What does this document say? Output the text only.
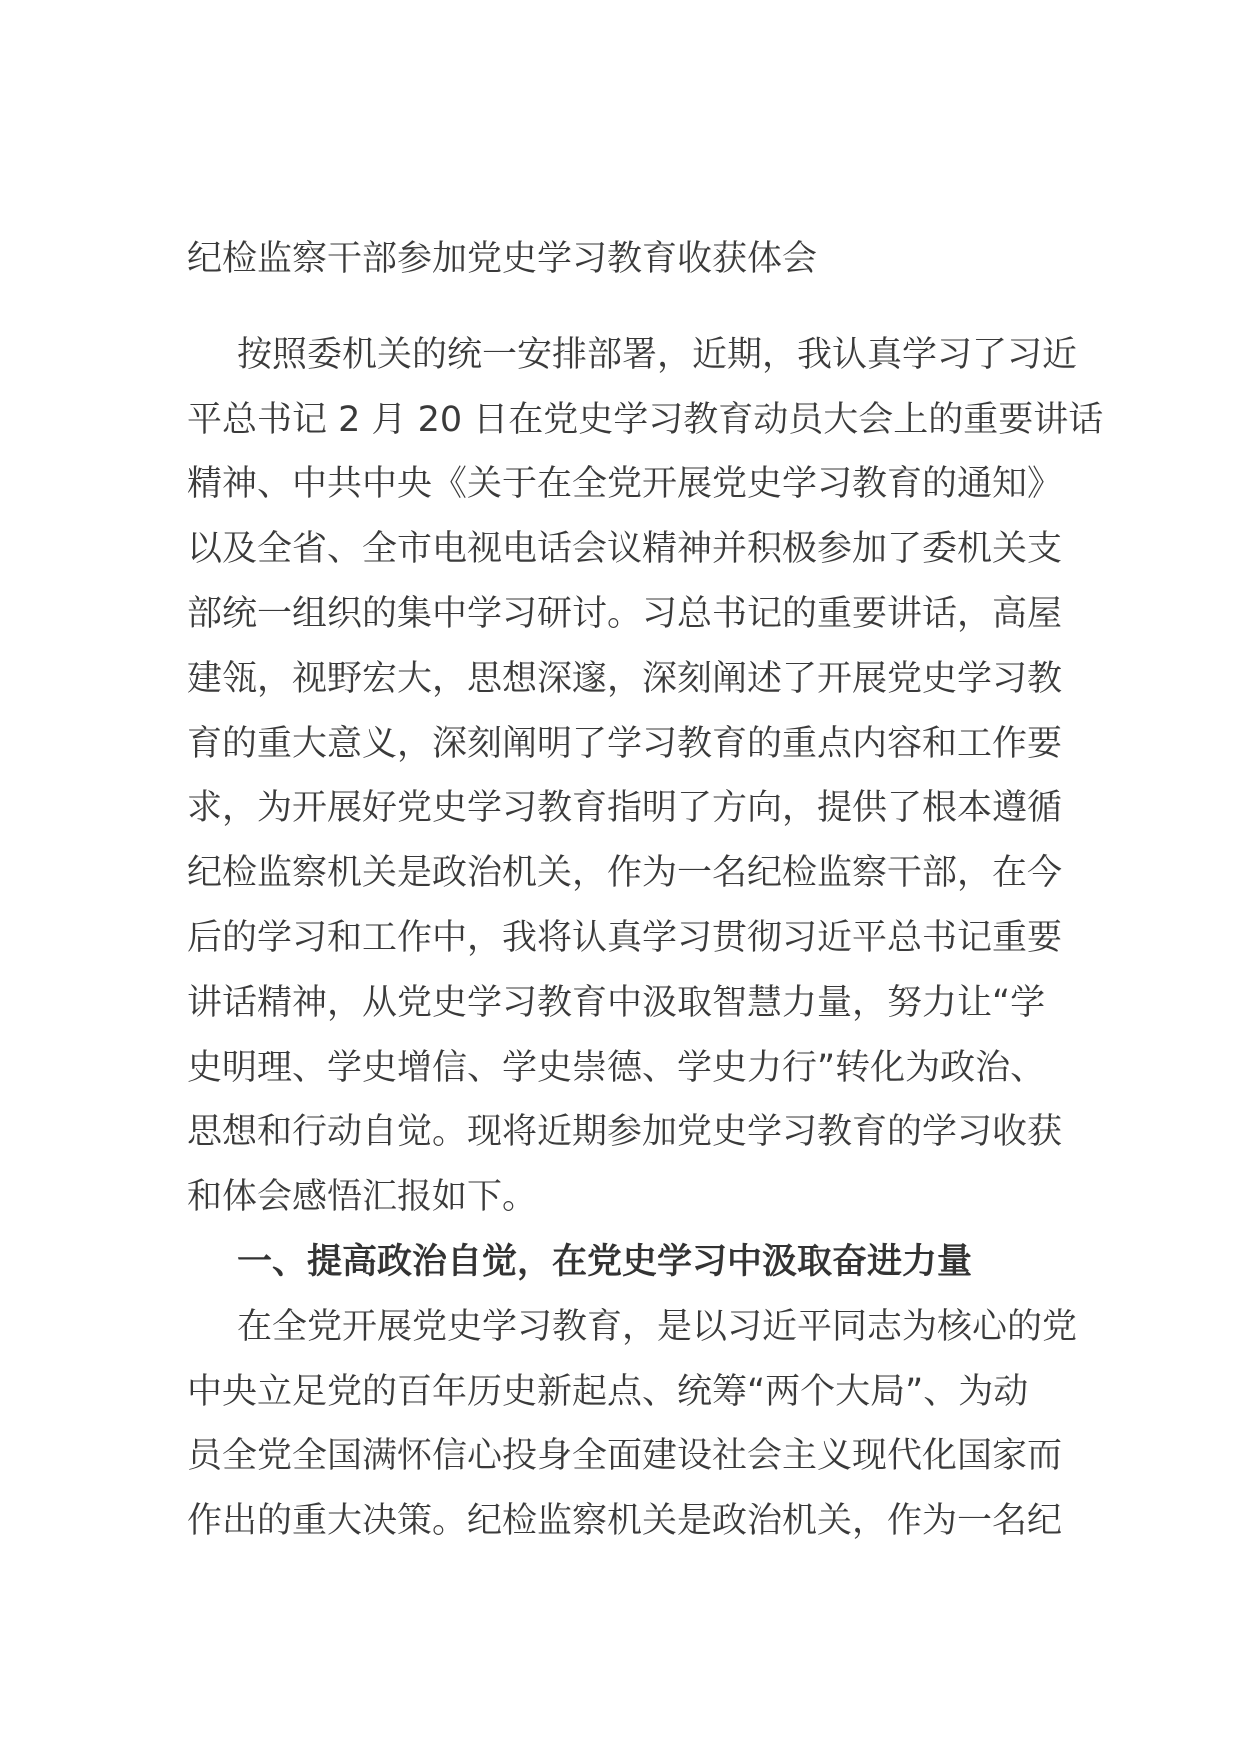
纪检监察干部参加党史学习教育收获体会
按照委机关的统一安排部署，近期，我认真学习了习近
平总书记 2 月 20 日在党史学习教育动员大会上的重要讲话
精神、中共中央《关于在全党开展党史学习教育的通知》
以及全省、全市电视电话会议精神并积极参加了委机关支
部统一组织的集中学习研讨。习总书记的重要讲话，高屋
建瓴，视野宏大，思想深邃，深刻阐述了开展党史学习教
育的重大意义，深刻阐明了学习教育的重点内容和工作要
求，为开展好党史学习教育指明了方向，提供了根本遵循
纪检监察机关是政治机关，作为一名纪检监察干部，在今
后的学习和工作中，我将认真学习贯彻习近平总书记重要
讲话精神，从党史学习教育中汲取智慧力量，努力让“学
史明理、学史增信、学史崇德、学史力行”转化为政治、
思想和行动自觉。现将近期参加党史学习教育的学习收获
和体会感悟汇报如下。
一、提高政治自觉，在党史学习中汲取奋进力量
在全党开展党史学习教育，是以习近平同志为核心的党
中央立足党的百年历史新起点、统筹“两个大局”、为动
员全党全国满怀信心投身全面建设社会主义现代化国家而
作出的重大决策。纪检监察机关是政治机关，作为一名纪
